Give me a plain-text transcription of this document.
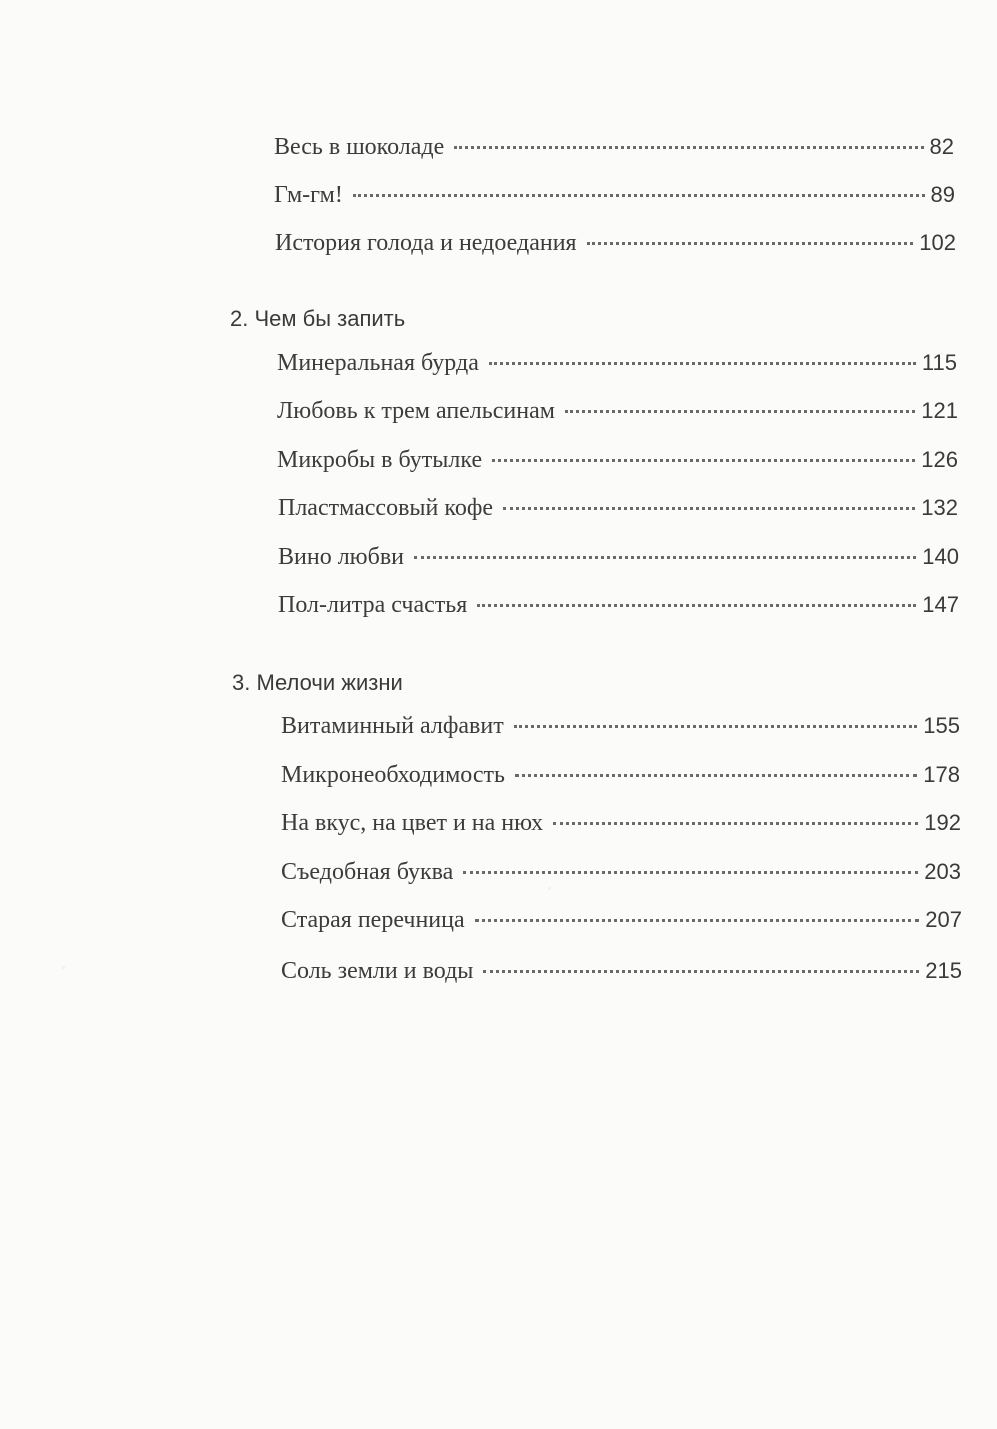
Весь в шоколаде	82
Гм-гм!	89
История голода и недоедания	102
2. Чем бы запить
Минеральная бурда	115
Любовь к трем апельсинам	121
Микробы в бутылке	126
Пластмассовый кофе	132
Вино любви	140
Пол-литра счастья	147
3. Мелочи жизни
Витаминный алфавит	155
Микронеобходимость	178
На вкус, на цвет и на нюх	192
Съедобная буква	203
Старая перечница	207
Соль земли и воды	215
